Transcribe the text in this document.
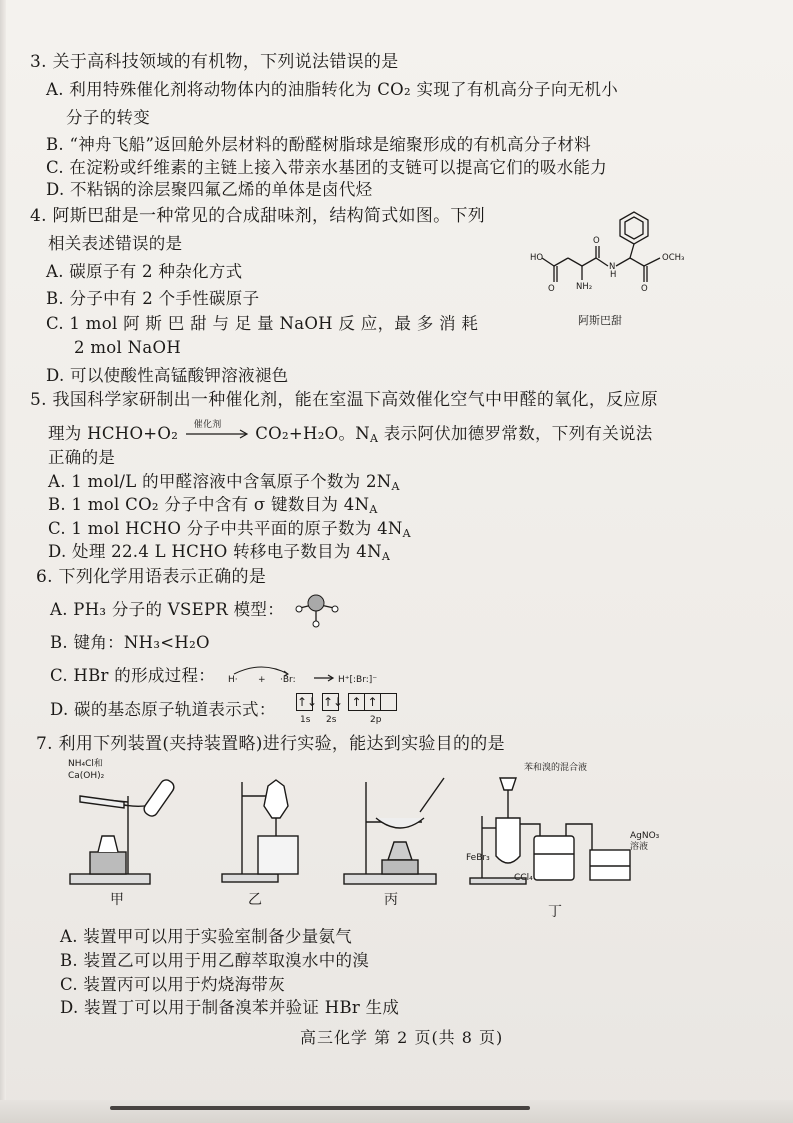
3. 关于高科技领域的有机物，下列说法错误的是
A. 利用特殊催化剂将动物体内的油脂转化为 CO₂ 实现了有机高分子向无机小
分子的转变
B. “神舟飞船”返回舱外层材料的酚醛树脂球是缩聚形成的有机高分子材料
C. 在淀粉或纤维素的主链上接入带亲水基团的支链可以提高它们的吸水能力
D. 不粘锅的涂层聚四氟乙烯的单体是卤代烃
4. 阿斯巴甜是一种常见的合成甜味剂，结构简式如图。下列
相关表述错误的是
A. 碳原子有 2 种杂化方式
B. 分子中有 2 个手性碳原子
C. 1 mol 阿 斯 巴 甜 与 足 量 NaOH 反 应，最 多 消 耗
2 mol NaOH
D. 可以使酸性高锰酸钾溶液褪色
O
N
H
NH₂
OCH₃
O
O
HO
阿斯巴甜
5. 我国科学家研制出一种催化剂，能在室温下高效催化空气中甲醛的氧化，反应原
理为 HCHO+O₂ 催化剂 CO₂+H₂O。$N_A$ 表示阿伏加德罗常数，下列有关说法
正确的是
A. 1 mol/L 的甲醛溶液中含氧原子个数为 $2N_A$
B. 1 mol CO₂ 分子中含有 σ 键数目为 $4N_A$
C. 1 mol HCHO 分子中共平面的原子数为 $4N_A$
D. 处理 22.4 L HCHO 转移电子数目为 $4N_A$
6. 下列化学用语表示正确的是
A. PH₃ 分子的 VSEPR 模型：
B. 键角：NH₃<H₂O
C. HBr 的形成过程： H· + ·Br:	H⁺[:Br:]⁻
D. 碳的基态原子轨道表示式： ↑↓ ↑↓ ↑ ↑
1s 2s	2p
7. 利用下列装置(夹持装置略)进行实验，能达到实验目的的是
NH₄Cl和
Ca(OH)₂
苯和溴的混合液
FeBr₃
CCl₄
AgNO₃
溶液
甲	乙	丙
丁
A. 装置甲可以用于实验室制备少量氨气
B. 装置乙可以用于用乙醇萃取溴水中的溴
C. 装置丙可以用于灼烧海带灰
D. 装置丁可以用于制备溴苯并验证 HBr 生成
高三化学 第 2 页(共 8 页)
